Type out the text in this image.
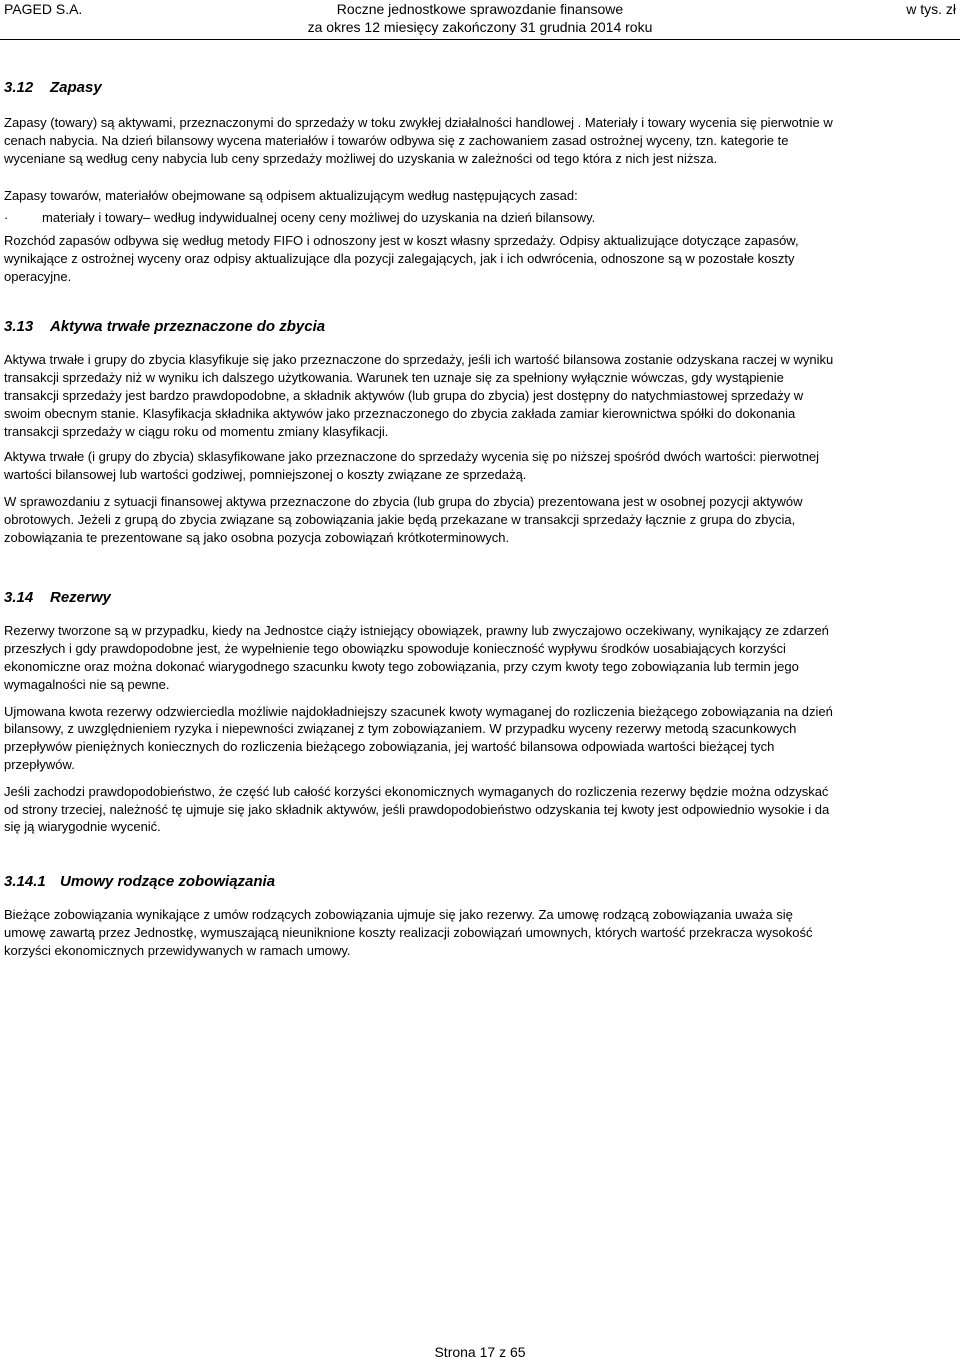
PAGED S.A.	Roczne jednostkowe sprawozdanie finansowe
za okres 12 miesięcy zakończony 31 grudnia 2014 roku
w tys. zł
3.12 Zapasy

Zapasy (towary) są aktywami, przeznaczonymi do sprzedaży w toku zwykłej działalności handlowej . Materiały i towary wycenia się pierwotnie w cenach nabycia. Na dzień bilansowy wycena materiałów i towarów odbywa się z zachowaniem zasad ostrożnej wyceny, tzn. kategorie te wyceniane są według ceny nabycia lub ceny sprzedaży możliwej do uzyskania w zależności od tego która z nich jest niższa.

Zapasy towarów, materiałów obejmowane są odpisem aktualizującym według następujących zasad:

·	materiały i towary– według indywidualnej oceny ceny możliwej do uzyskania na dzień bilansowy.

Rozchód zapasów odbywa się według metody FIFO i odnoszony jest w koszt własny sprzedaży. Odpisy aktualizujące dotyczące zapasów, wynikające z ostrożnej wyceny oraz odpisy aktualizujące dla pozycji zalegających, jak i ich odwrócenia, odnoszone są w pozostałe koszty operacyjne.

3.13 Aktywa trwałe przeznaczone do zbycia

Aktywa trwałe i grupy do zbycia klasyfikuje się jako przeznaczone do sprzedaży, jeśli ich wartość bilansowa zostanie odzyskana raczej w wyniku transakcji sprzedaży niż w wyniku ich dalszego użytkowania. Warunek ten uznaje się za spełniony wyłącznie wówczas, gdy wystąpienie transakcji sprzedaży jest bardzo prawdopodobne, a składnik aktywów (lub grupa do zbycia) jest dostępny do natychmiastowej sprzedaży w swoim obecnym stanie. Klasyfikacja składnika aktywów jako przeznaczonego do zbycia zakłada zamiar kierownictwa spółki do dokonania transakcji sprzedaży w ciągu roku od momentu zmiany klasyfikacji.

Aktywa trwałe (i grupy do zbycia) sklasyfikowane jako przeznaczone do sprzedaży wycenia się po niższej spośród dwóch wartości: pierwotnej wartości bilansowej lub wartości godziwej, pomniejszonej o koszty związane ze sprzedażą.

W sprawozdaniu z sytuacji finansowej aktywa przeznaczone do zbycia (lub grupa do zbycia) prezentowana jest w osobnej pozycji aktywów obrotowych. Jeżeli z grupą do zbycia związane są zobowiązania jakie będą przekazane w transakcji sprzedaży łącznie z grupa do zbycia, zobowiązania te prezentowane są jako osobna pozycja zobowiązań krótkoterminowych.

3.14 Rezerwy

Rezerwy tworzone są w przypadku, kiedy na Jednostce ciąży istniejący obowiązek, prawny lub zwyczajowo oczekiwany, wynikający ze zdarzeń przeszłych i gdy prawdopodobne jest, że wypełnienie tego obowiązku spowoduje konieczność wypływu środków uosabiających korzyści ekonomiczne oraz można dokonać wiarygodnego szacunku kwoty tego zobowiązania, przy czym kwoty tego zobowiązania lub termin jego wymagalności nie są pewne.

Ujmowana kwota rezerwy odzwierciedla możliwie najdokładniejszy szacunek kwoty wymaganej do rozliczenia bieżącego zobowiązania na dzień bilansowy, z uwzględnieniem ryzyka i niepewności związanej z tym zobowiązaniem. W przypadku wyceny rezerwy metodą szacunkowych przepływów pieniężnych koniecznych do rozliczenia bieżącego zobowiązania, jej wartość bilansowa odpowiada wartości bieżącej tych przepływów.

Jeśli zachodzi prawdopodobieństwo, że część lub całość korzyści ekonomicznych wymaganych do rozliczenia rezerwy będzie można odzyskać od strony trzeciej, należność tę ujmuje się jako składnik aktywów, jeśli prawdopodobieństwo odzyskania tej kwoty jest odpowiednio wysokie i da się ją wiarygodnie wycenić.

3.14.1 Umowy rodzące zobowiązania

Bieżące zobowiązania wynikające z umów rodzących zobowiązania ujmuje się jako rezerwy. Za umowę rodzącą zobowiązania uważa się umowę zawartą przez Jednostkę, wymuszającą nieuniknione koszty realizacji zobowiązań umownych, których wartość przekracza wysokość korzyści ekonomicznych przewidywanych w ramach umowy.

Strona 17 z 65
